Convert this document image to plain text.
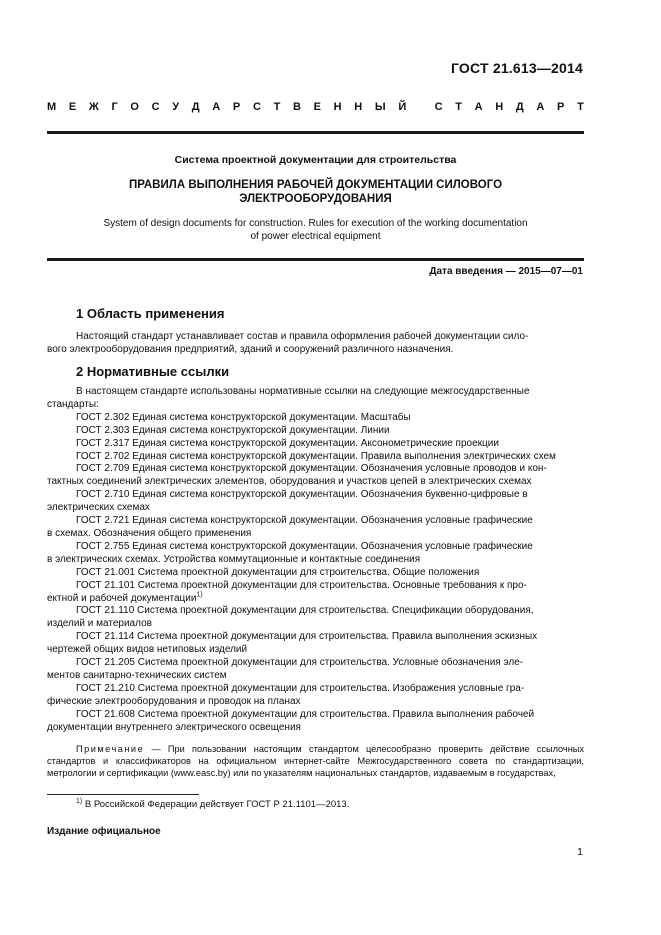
ГОСТ 21.613—2014
М Е Ж Г О С У Д А Р С Т В Е Н Н Ы Й
	С Т А Н Д А Р Т
Система проектной документации для строительства
ПРАВИЛА ВЫПОЛНЕНИЯ РАБОЧЕЙ ДОКУМЕНТАЦИИ СИЛОВОГО
ЭЛЕКТРООБОРУДОВАНИЯ
System of design documents for construction. Rules for execution of the working documentation
of power electrical equipment
Дата введения — 2015—07—01
1 Область применения
Настоящий стандарт устанавливает состав и правила оформления рабочей документации сило-
вого электрооборудования предприятий, зданий и сооружений различного назначения.
2 Нормативные ссылки
В настоящем стандарте использованы нормативные ссылки на следующие межгосударственные
стандарты:
ГОСТ 2.302 Единая система конструкторской документации. Масштабы
ГОСТ 2.303 Единая система конструкторской документации. Линии
ГОСТ 2.317 Единая система конструкторской документации. Аксонометрические проекции
ГОСТ 2.702 Единая система конструкторской документации. Правила выполнения электрических схем
ГОСТ 2.709 Единая система конструкторской документации. Обозначения условные проводов и кон-
тактных соединений электрических элементов, оборудования и участков цепей в электрических схемах
ГОСТ 2.710 Единая система конструкторской документации. Обозначения буквенно-цифровые в
электрических схемах
ГОСТ 2.721 Единая система конструкторской документации. Обозначения условные графические
в схемах. Обозначения общего применения
ГОСТ 2.755 Единая система конструкторской документации. Обозначения условные графические
в электрических схемах. Устройства коммутационные и контактные соединения
ГОСТ 21.001 Система проектной документации для строительства. Общие положения
ГОСТ 21.101 Система проектной документации для строительства. Основные требования к про-
ектной и рабочей документации$^{1)}$
ГОСТ 21.110 Система проектной документации для строительства. Спецификации оборудования,
изделий и материалов
ГОСТ 21.114 Система проектной документации для строительства. Правила выполнения эскизных
чертежей общих видов нетиповых изделий
ГОСТ 21.205 Система проектной документации для строительства. Условные обозначения эле-
ментов санитарно-технических систем
ГОСТ 21.210 Система проектной документации для строительства. Изображения условные гра-
фические электрооборудования и проводок на планах
ГОСТ 21.608 Система проектной документации для строительства. Правила выполнения рабочей
документации внутреннего электрического освещения
Примечание — При пользовании настоящим стандартом целесообразно проверить действие ссылочных стандартов и классификаторов на официальном интернет-сайте Межгосударственного совета по стандартизации, метрологии и сертификации (www.easc.by) или по указателям национальных стандартов, издаваемым в государствах,
$^{1)}$ В Российской Федерации действует ГОСТ Р 21.1101—2013.
Издание официальное
1
